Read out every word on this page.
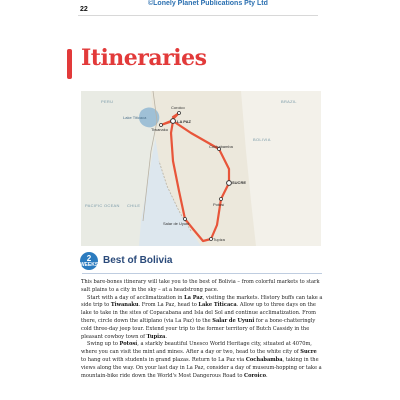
22
©Lonely Planet Publications Pty Ltd
Itineraries
Coroico
LA PAZ
Tiwanaku
Lake Titicaca
Cochabamba
BOLIVIA
SUCRE
Potosí
Salar de Uyuni
Tupiza
PERU
PACIFIC OCEAN CHILE
BRAZIL
2
WEEKS Best of Bolivia

This bare-bones itinerary will take you to the best of Bolivia – from colorful markets to stark salt plains to a city in the sky – at a headstrong pace.

Start with a day of acclimatization in La Paz, visiting the markets. History buffs can take a side trip to Tiwanaku. From La Paz, head to Lake Titicaca. Allow up to three days on the lake to take in the sites of Copacabana and Isla del Sol and continue acclimatization. From there, circle down the altiplano (via La Paz) to the Salar de Uyuni for a bone-chatteringly cold three-day jeep tour. Extend your trip to the former territory of Butch Cassidy in the pleasant cowboy town of Tupiza.

Swing up to Potosí, a starkly beautiful Unesco World Heritage city, situated at 4070m, where you can visit the mint and mines. After a day or two, head to the white city of Sucre to hang out with students in grand plazas. Return to La Paz via Cochabamba, taking in the views along the way. On your last day in La Paz, consider a day of museum-hopping or take a mountain-bike ride down the World's Most Dangerous Road to Coroico.
